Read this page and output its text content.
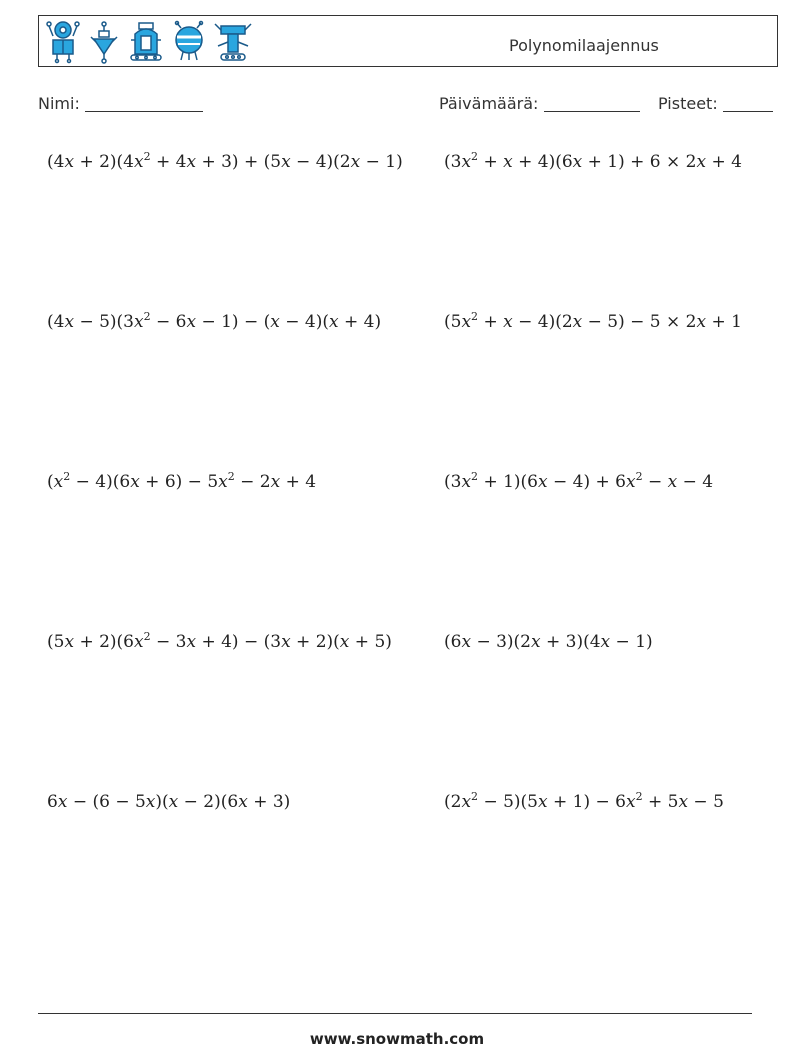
Polynomilaajennus
Nimi:	Päivämäärä:	Pisteet:
$(4x + 2)(4x^2 + 4x + 3) + (5x - 4)(2x - 1)$ $(3x^2 + x + 4)(6x + 1) + 6 \times 2x + 4$
$(4x - 5)(3x^2 - 6x - 1) - (x - 4)(x + 4)$	$(5x^2 + x - 4)(2x - 5) - 5 \times 2x + 1$
$(x^2 - 4)(6x + 6) - 5x^2 - 2x + 4$	$(3x^2 + 1)(6x - 4) + 6x^2 - x - 4$
$(5x + 2)(6x^2 - 3x + 4) - (3x + 2)(x + 5)$	(6x − 3)(2x + 3)(4x − 1)
6x − (6 − 5x)(x − 2)(6x + 3)	$(2x^2 - 5)(5x + 1) - 6x^2 + 5x - 5$
www.snowmath.com
